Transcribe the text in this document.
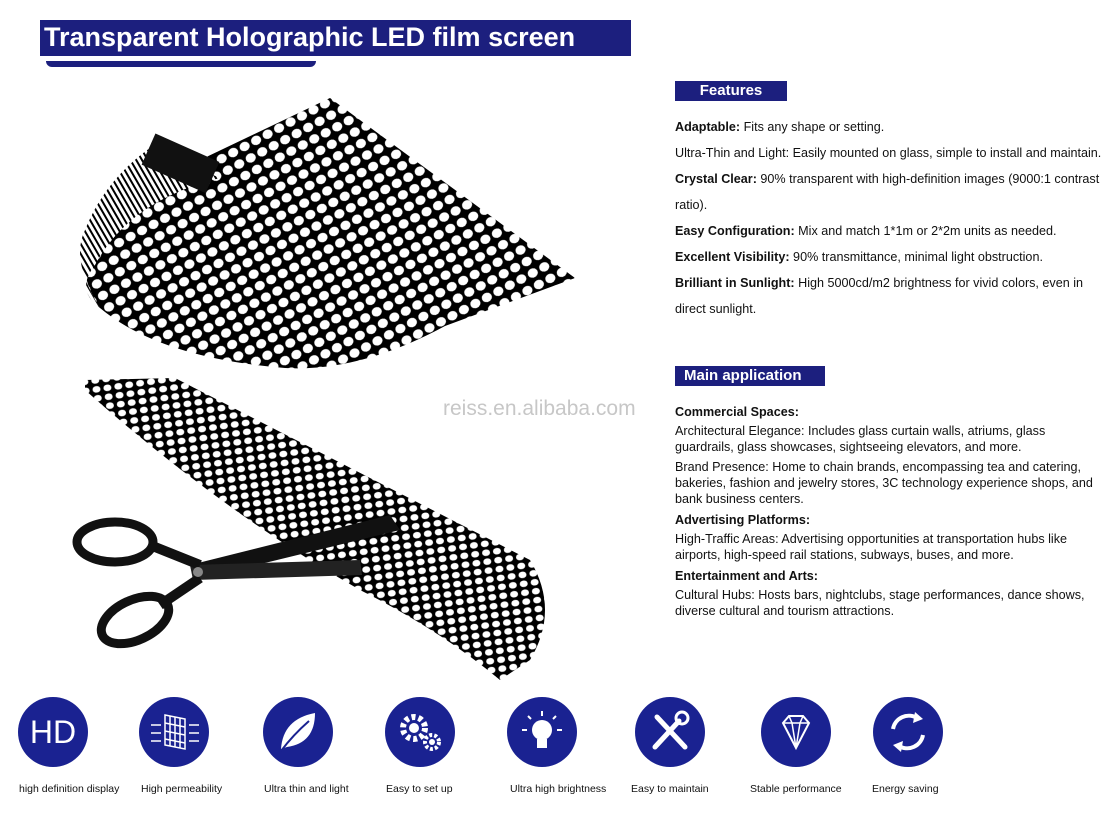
Transparent Holographic LED film screen
reiss.en.alibaba.com
Features

Adaptable: Fits any shape or setting.

Ultra-Thin and Light: Easily mounted on glass, simple to install and maintain.

Crystal Clear: 90% transparent with high-definition images (9000:1 contrast ratio).

Easy Configuration: Mix and match 1*1m or 2*2m units as needed.

Excellent Visibility: 90% transmittance, minimal light obstruction.

Brilliant in Sunlight: High 5000cd/m2 brightness for vivid colors, even in direct sunlight.

Main application

Commercial Spaces:

Architectural Elegance: Includes glass curtain walls, atriums, glass guardrails, glass showcases, sightseeing elevators, and more.

Brand Presence: Home to chain brands, encompassing tea and catering, bakeries, fashion and jewelry stores, 3C technology experience shops, and bank business centers.

Advertising Platforms:

High-Traffic Areas: Advertising opportunities at transportation hubs like airports, high-speed rail stations, subways, buses, and more.

Entertainment and Arts:

Cultural Hubs: Hosts bars, nightclubs, stage performances, dance shows, diverse cultural and tourism attractions.

HD
high definition display High permeability	Ultra thin and light	Easy to set up	Ultra high brightness Easy to maintain	Stable performance	Energy saving
